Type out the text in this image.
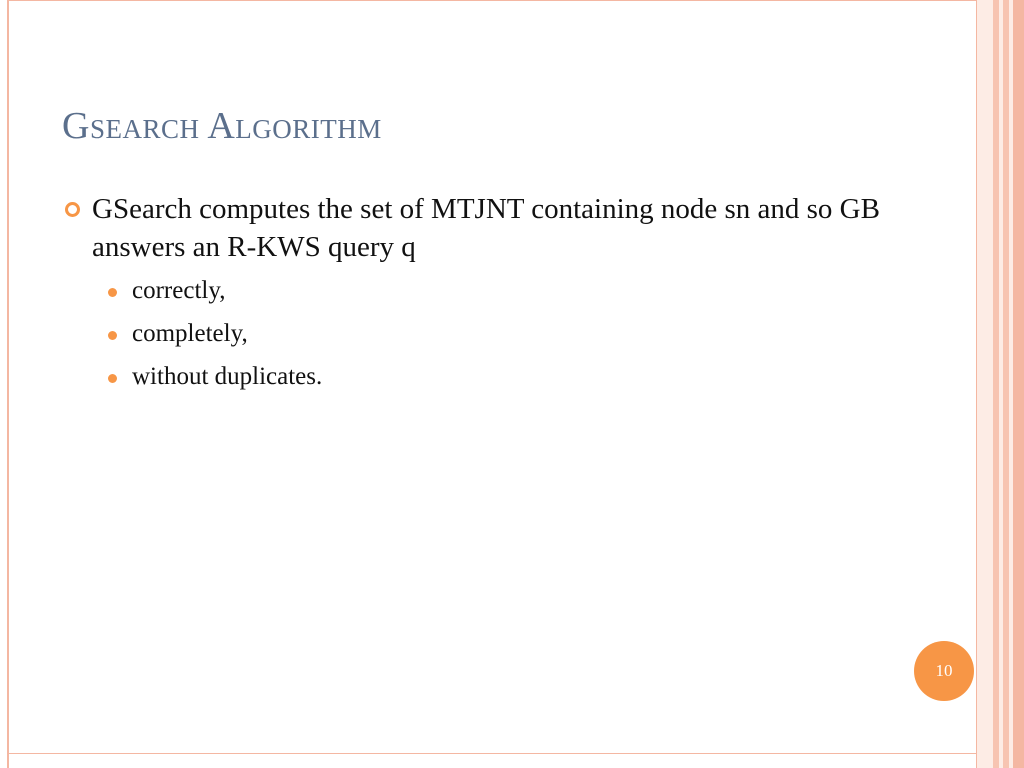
Gsearch Algorithm
GSearch computes the set of MTJNT containing node sn and so GB answers an R-KWS query q
correctly,
completely,
without duplicates.
10
